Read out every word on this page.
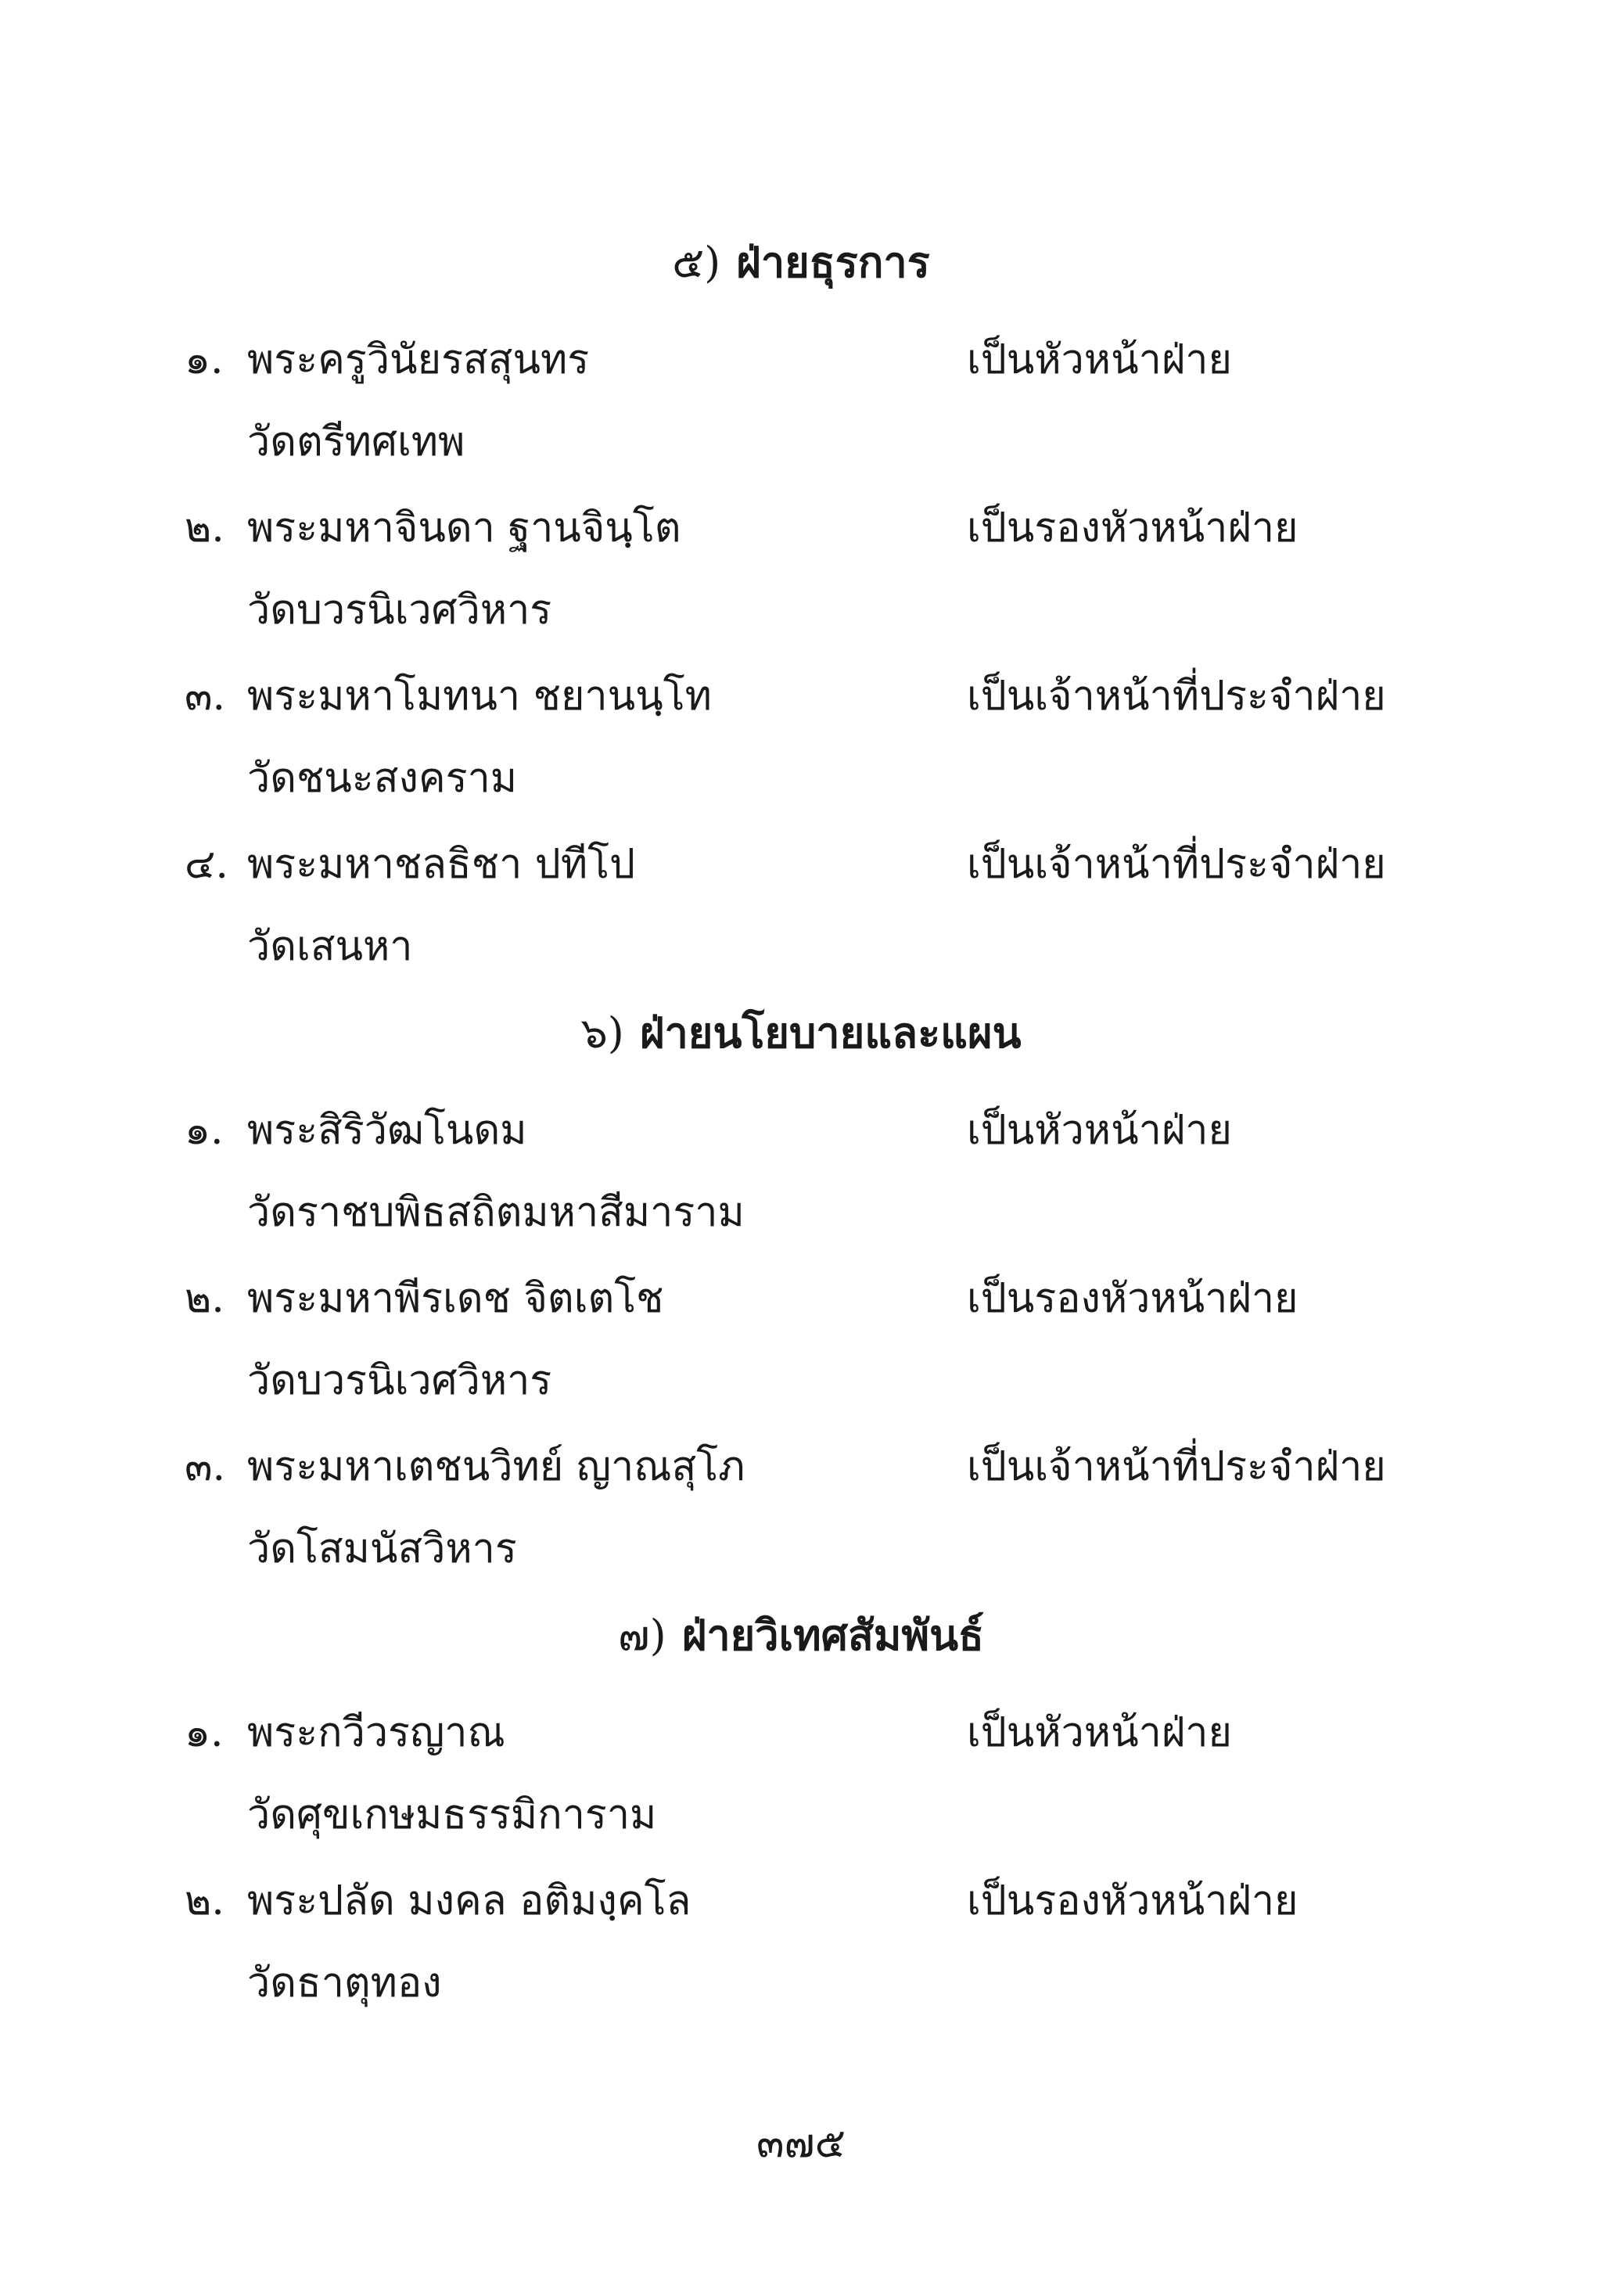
๕) ฝ่ายธุรการ
๑. พระครูวินัยรสสุนทร	เป็นหัวหน้าฝ่าย
วัดตรีทศเทพ
๒. พระมหาจินดา ฐานจินฺโต	เป็นรองหัวหน้าฝ่าย
วัดบวรนิเวศวิหาร
๓. พระมหาโมทนา ชยานนฺโท	เป็นเจ้าหน้าที่ประจำฝ่าย
วัดชนะสงคราม
๔. พระมหาชลธิชา ปทีโป	เป็นเจ้าหน้าที่ประจำฝ่าย
วัดเสนหา
๖) ฝ่ายนโยบายและแผน
๑. พระสิริวัฒโนดม	เป็นหัวหน้าฝ่าย
วัดราชบพิธสถิตมหาสีมาราม
๒. พระมหาพีรเดช จิตเตโช	เป็นรองหัวหน้าฝ่าย
วัดบวรนิเวศวิหาร
๓. พระมหาเตชนวิทย์ ญาณสุโภ	เป็นเจ้าหน้าที่ประจำฝ่าย
วัดโสมนัสวิหาร
๗) ฝ่ายวิเทศสัมพันธ์
๑. พระกวีวรญาณ	เป็นหัวหน้าฝ่าย
วัดศุขเกษมธรรมิการาม
๒. พระปลัด มงคล อติมงฺคโล	เป็นรองหัวหน้าฝ่าย
วัดธาตุทอง
๓๗๕
